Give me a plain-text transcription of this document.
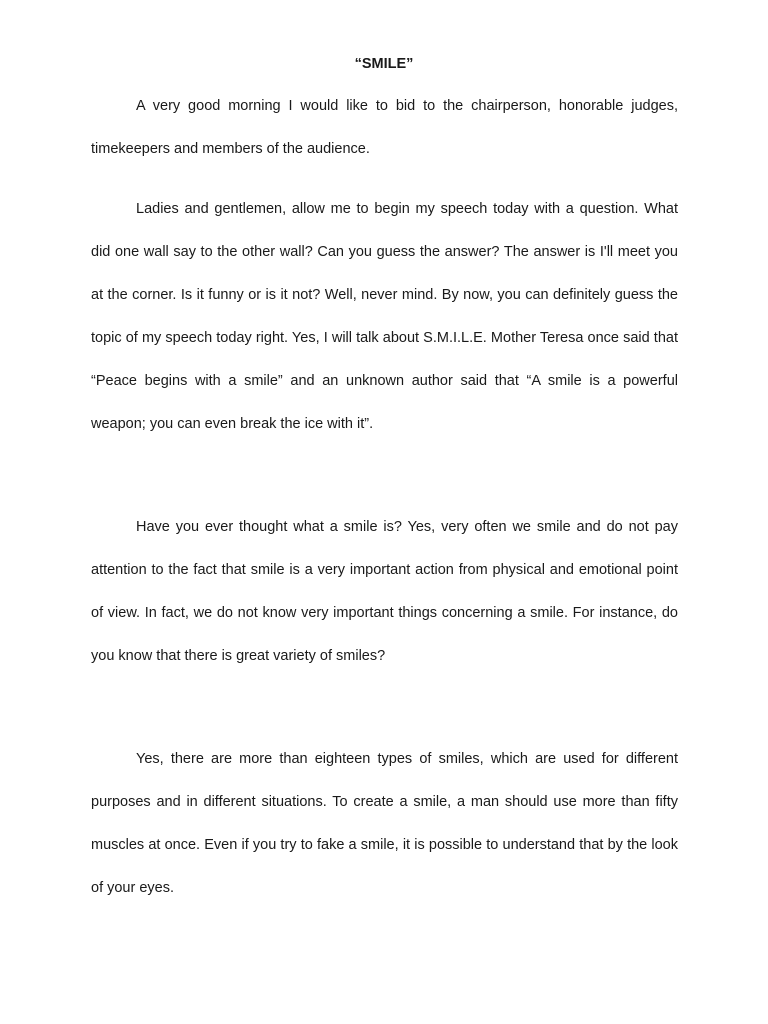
“SMILE”

A very good morning I would like to bid to the chairperson, honorable judges, timekeepers and members of the audience.

Ladies and gentlemen, allow me to begin my speech today with a question. What did one wall say to the other wall? Can you guess the answer? The answer is I'll meet you at the corner. Is it funny or is it not? Well, never mind. By now, you can definitely guess the topic of my speech today right. Yes, I will talk about S.M.I.L.E. Mother Teresa once said that “Peace begins with a smile” and an unknown author said that “A smile is a powerful weapon; you can even break the ice with it”.

Have you ever thought what a smile is? Yes, very often we smile and do not pay attention to the fact that smile is a very important action from physical and emotional point of view. In fact, we do not know very important things concerning a smile. For instance, do you know that there is great variety of smiles?

Yes, there are more than eighteen types of smiles, which are used for different purposes and in different situations. To create a smile, a man should use more than fifty muscles at once. Even if you try to fake a smile, it is possible to understand that by the look of your eyes.
